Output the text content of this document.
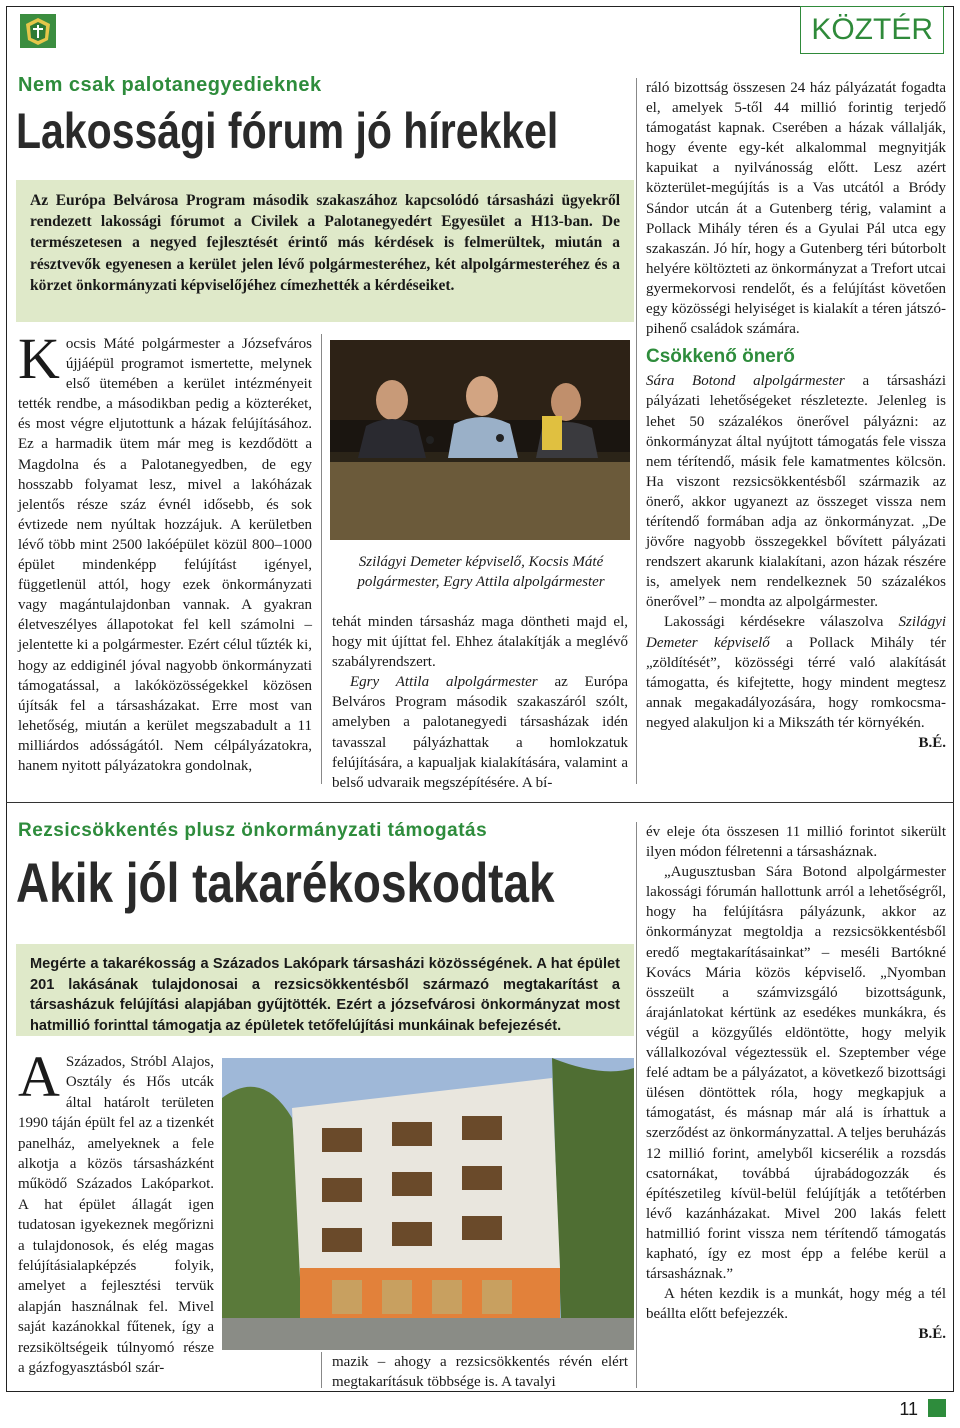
KÖZTÉR
Nem csak palotanegyedieknek
Lakossági fórum jó hírekkel
Az Európa Belvárosa Program második szakaszához kapcsolódó társasházi ügyekről rendezett lakossági fórumot a Civilek a Palotanegyedért Egyesület a H13-ban. De természetesen a negyed fejlesztését érintő más kérdések is felmerültek, miután a résztvevők egyenesen a kerület jelen lévő polgármesteréhez, két alpolgármesteréhez és a körzet önkormányzati képviselőjéhez címezhették a kérdéseiket.

Kocsis Máté polgármester a Józsefváros újjáépül programot ismertette, melynek első ütemében a kerület intézményeit tették rendbe, a másodikban pedig a közteréket, és most végre eljutottunk a házak felújításához. Ez a harmadik ütem már meg is kezdődött a Magdolna és a Palotanegyedben, de egy hosszabb folyamat lesz, mivel a lakóházak jelentős része száz évnél idősebb, és sok évtizede nem nyúltak hozzájuk. A kerületben lévő több mint 2500 lakóépület közül 800–1000 épület mindenképp felújítást igényel, függetlenül attól, hogy ezek önkormányzati vagy magántulajdonban vannak. A gyakran életveszélyes állapotokat fel kell számolni – jelentette ki a polgármester. Ezért célul tűzték ki, hogy az eddiginél jóval nagyobb önkormányzati támogatással, a lakóközösségekkel közösen újítsák fel a társasházakat. Erre most van lehetőség, miután a kerület megszabadult a 11 milliárdos adósságától. Nem célpályázatokra, hanem nyitott pályázatokra gondolnak,

Szilágyi Demeter képviselő, Kocsis Máté polgármester, Egry Attila alpolgármester

tehát minden társasház maga döntheti majd el, hogy mit újíttat fel. Ehhez átalakítják a meglévő szabályrendszert.

Egry Attila alpolgármester az Európa Belváros Program második szakaszáról szólt, amelyben a palotanegyedi társasházak idén tavasszal pályázhattak a homlokzatuk felújítására, a kapualjak kialakítására, valamint a belső udvaraik megszépítésére. A bí-

ráló bizottság összesen 24 ház pályázatát fogadta el, amelyek 5-től 44 millió forintig terjedő támogatást kapnak. Cserében a házak vállalják, hogy évente egy-két alkalommal megnyitják kapuikat a nyilvánosság előtt. Lesz azért közterület-megújítás is a Vas utcától a Bródy Sándor utcán át a Gutenberg térig, valamint a Pollack Mihály téren és a Gyulai Pál utca egy szakaszán. Jó hír, hogy a Gutenberg téri bútorbolt helyére költözteti az önkormányzat a Trefort utcai gyermekorvosi rendelőt, és a felújítást követően egy közösségi helyiséget is kialakít a téren játszó-pihenő családok számára.

Csökkenő önerő

Sára Botond alpolgármester a társasházi pályázati lehetőségeket részletezte. Jelenleg is lehet 50 százalékos önerővel pályázni: az önkormányzat által nyújtott támogatás fele vissza nem térítendő, másik fele kamatmentes kölcsön. Ha viszont rezsicsökkentésből származik az önerő, akkor ugyanezt az összeget vissza nem térítendő formában adja az önkormányzat. „De jövőre nagyobb összegekkel bővített pályázati rendszert akarunk kialakítani, azon házak részére is, amelyek nem rendelkeznek 50 százalékos önerővel” – mondta az alpolgármester.

Lakossági kérdésekre válaszolva Szilágyi Demeter képviselő a Pollack Mihály tér „zöldítését”, közösségi térré való alakítását támogatta, és kifejtette, hogy mindent megtesz annak megakadályozására, hogy romkocsma-negyed alakuljon ki a Mikszáth tér környékén.
B.É.

Rezsicsökkentés plusz önkormányzati támogatás
Akik jól takarékoskodtak
Megérte a takarékosság a Százados Lakópark társasházi közösségének. A hat épület 201 lakásának tulajdonosai a rezsicsökkentésből származó megtakarítást a társasházuk felújítási alapjában gyűjtötték. Ezért a józsefvárosi önkormányzat most hatmillió forinttal támogatja az épületek tetőfelújítási munkáinak befejezését.

A Százados, Stróbl Alajos, Osztály és Hős utcák által határolt területen 1990 táján épült fel az a tizenkét panelház, amelyeknek a fele alkotja a közös társasházként működő Százados Lakóparkot. A hat épület állagát igen tudatosan igyekeznek megőrizni a tulajdonosok, és elég magas felújításialapképzés folyik, amelyet a fejlesztési tervük alapján használnak fel. Mivel saját kazánokkal fűtenek, így a rezsiköltségeik túlnyomó része a gázfogyasztásból szár-	mazik – ahogy a rezsicsökkentés révén elért megtakarításuk többsége is. A tavalyi

év eleje óta összesen 11 millió forintot sikerült ilyen módon félretenni a társasháznak.

„Augusztusban Sára Botond alpolgármester lakossági fórumán hallottunk arról a lehetőségről, hogy ha felújításra pályázunk, akkor az önkormányzat megtoldja a rezsicsökkentésből eredő megtakarításainkat” – meséli Bartókné Kovács Mária közös képviselő. „Nyomban összeült a számvizsgáló bizottságunk, árajánlatokat kértünk az esedékes munkákra, és végül a közgyűlés eldöntötte, hogy melyik vállalkozóval végeztessük el. Szeptember vége felé adtam be a pályázatot, a következő bizottsági ülésen döntöttek róla, hogy megkapjuk a támogatást, és másnap már alá is írhattuk a szerződést az önkormányzattal. A teljes beruházás 12 millió forint, amelyből kicserélik a rozsdás csatornákat, továbbá újrabádogozzák és építészetileg kívül-belül felújítják a tetőtérben lévő kazánházakat. Mivel 200 lakás felett hatmillió forint vissza nem térítendő támogatás kapható, így ez most épp a felébe kerül a társasháznak.”

A héten kezdik is a munkát, hogy még a tél beállta előtt befejezzék.

B.É.

11
